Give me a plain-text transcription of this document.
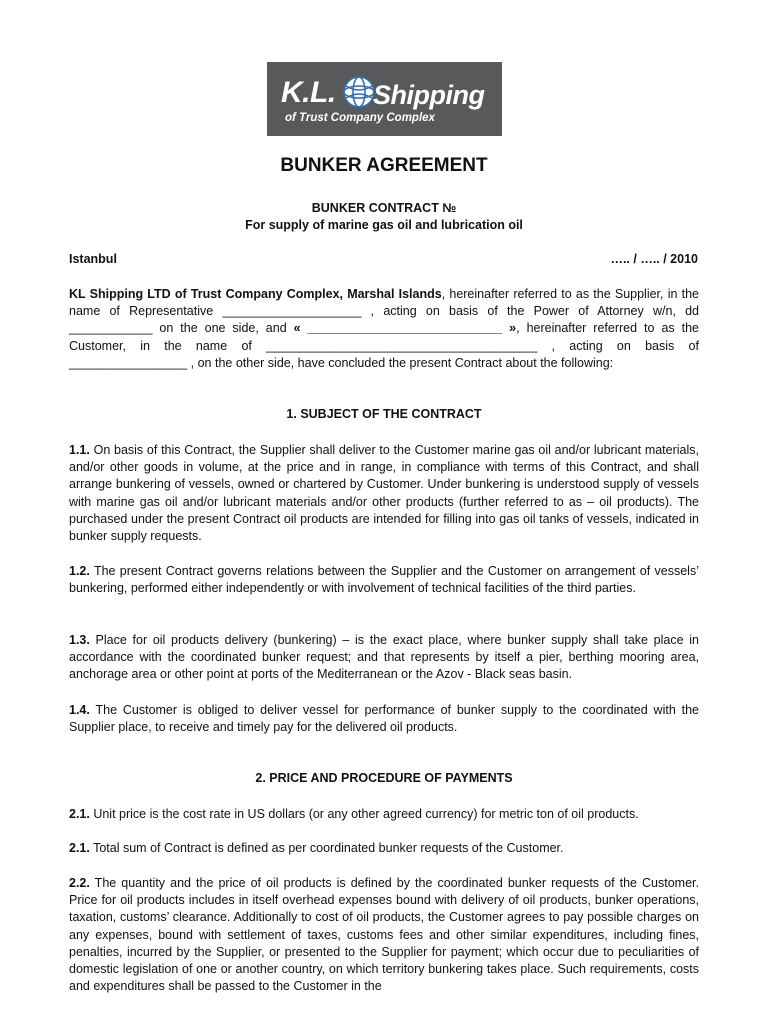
K.L. Shipping
of Trust Company Complex
BUNKER AGREEMENT
BUNKER CONTRACT №
For supply of marine gas oil and lubrication oil
Istanbul	….. / ….. / 2010

KL Shipping LTD of Trust Company Complex, Marshal Islands, hereinafter referred to as the Supplier, in the name of Representative ____________________ , acting on basis of the Power of Attorney w/n, dd ____________ on the one side, and « ____________________________ », hereinafter referred to as the Customer, in the name of _______________________________________ , acting on basis of _________________ , on the other side, have concluded the present Contract about the following:

1. SUBJECT OF THE CONTRACT

1.1. On basis of this Contract, the Supplier shall deliver to the Customer marine gas oil and/or lubricant materials, and/or other goods in volume, at the price and in range, in compliance with terms of this Contract, and shall arrange bunkering of vessels, owned or chartered by Customer. Under bunkering is understood supply of vessels with marine gas oil and/or lubricant materials and/or other products (further referred to as – oil products). The purchased under the present Contract oil products are intended for filling into gas oil tanks of vessels, indicated in bunker supply requests.

1.2. The present Contract governs relations between the Supplier and the Customer on arrangement of vessels’ bunkering, performed either independently or with involvement of technical facilities of the third parties.

1.3. Place for oil products delivery (bunkering) – is the exact place, where bunker supply shall take place in accordance with the coordinated bunker request; and that represents by itself a pier, berthing mooring area, anchorage area or other point at ports of the Mediterranean or the Azov - Black seas basin.

1.4. The Customer is obliged to deliver vessel for performance of bunker supply to the coordinated with the Supplier place, to receive and timely pay for the delivered oil products.

2. PRICE AND PROCEDURE OF PAYMENTS

2.1. Unit price is the cost rate in US dollars (or any other agreed currency) for metric ton of oil products.

2.1. Total sum of Contract is defined as per coordinated bunker requests of the Customer.

2.2. The quantity and the price of oil products is defined by the coordinated bunker requests of the Customer. Price for oil products includes in itself overhead expenses bound with delivery of oil products, bunker operations, taxation, customs’ clearance. Additionally to cost of oil products, the Customer agrees to pay possible charges on any expenses, bound with settlement of taxes, customs fees and other similar expenditures, including fines, penalties, incurred by the Supplier, or presented to the Supplier for payment; which occur due to peculiarities of domestic legislation of one or another country, on which territory bunkering takes place. Such requirements, costs and expenditures shall be passed to the Customer in the
